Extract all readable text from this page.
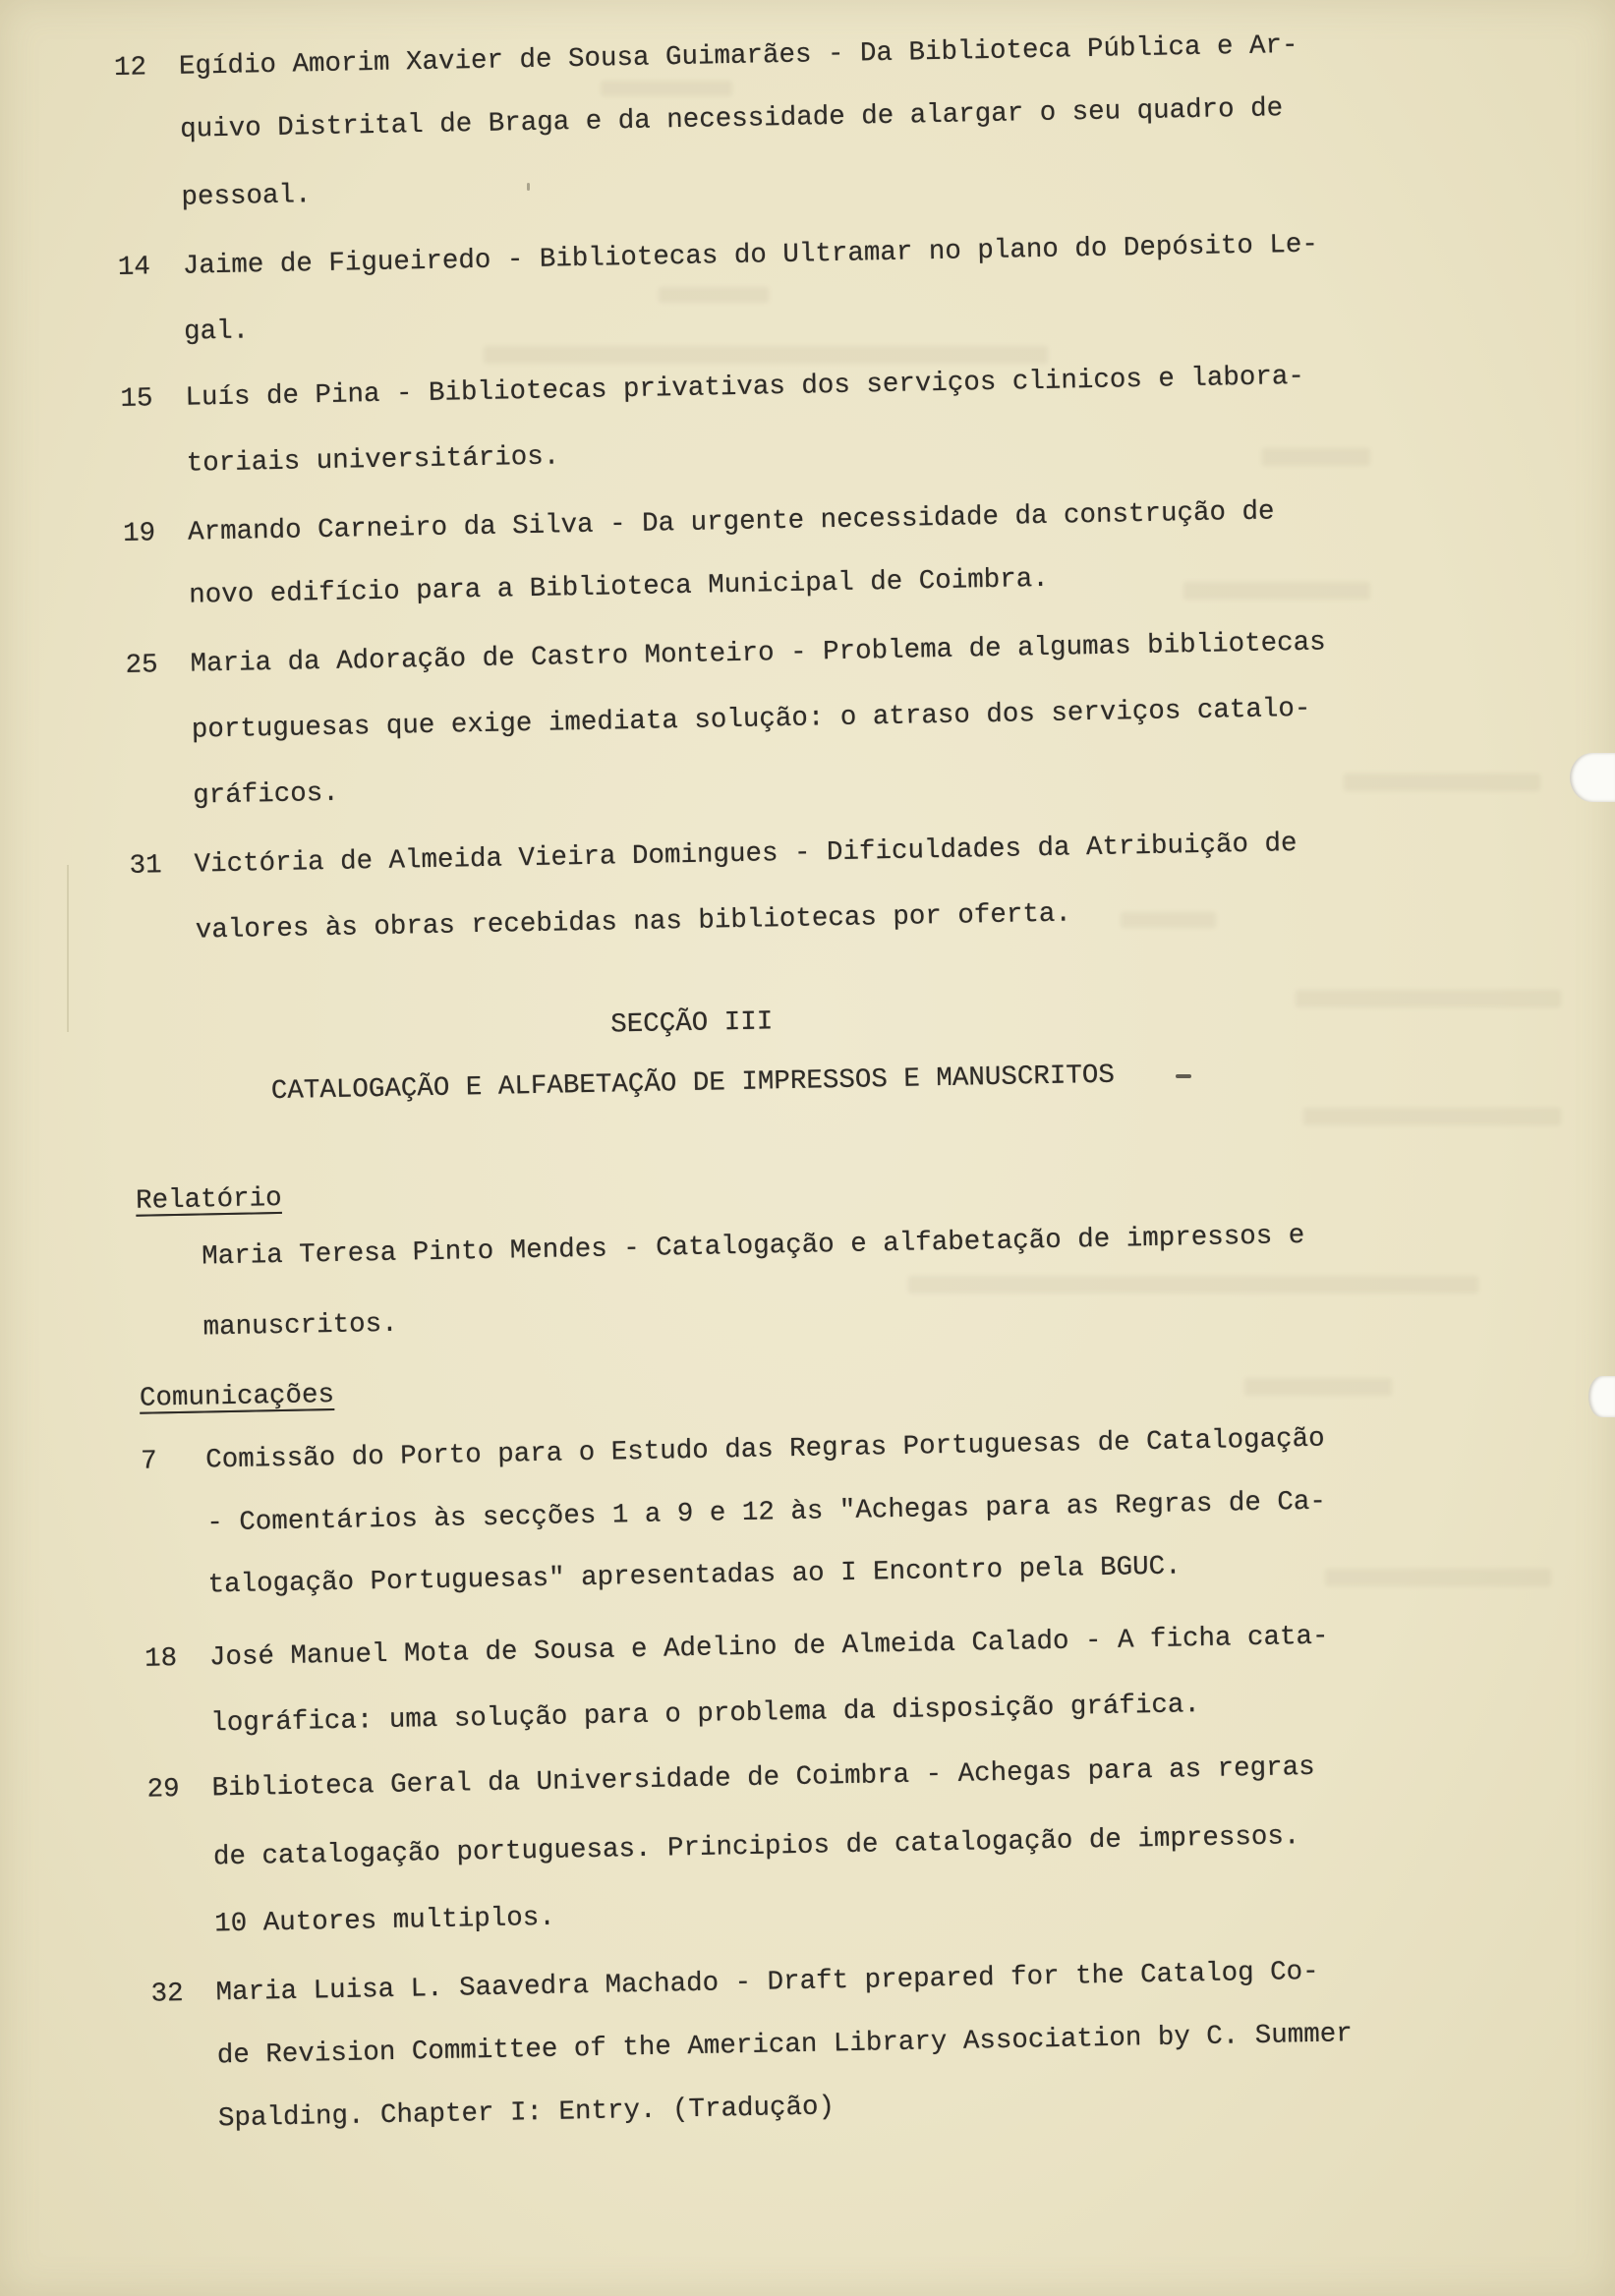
12 Egídio Amorim Xavier de Sousa Guimarães - Da Biblioteca Pública e Ar-
quivo Distrital de Braga e da necessidade de alargar o seu quadro de
pessoal.
14 Jaime de Figueiredo - Bibliotecas do Ultramar no plano do Depósito Le-
gal.
15 Luís de Pina - Bibliotecas privativas dos serviços clinicos e labora-
toriais universitários.
19 Armando Carneiro da Silva - Da urgente necessidade da construção de
novo edifício para a Biblioteca Municipal de Coimbra.
25 Maria da Adoração de Castro Monteiro - Problema de algumas bibliotecas
portuguesas que exige imediata solução: o atraso dos serviços catalo-
gráficos.
31 Victória de Almeida Vieira Domingues - Dificuldades da Atribuição de
valores às obras recebidas nas bibliotecas por oferta.
SECÇÃO III
CATALOGAÇÃO E ALFABETAÇÃO DE IMPRESSOS E MANUSCRITOS
Relatório
Maria Teresa Pinto Mendes - Catalogação e alfabetação de impressos e
manuscritos.
Comunicações
7 Comissão do Porto para o Estudo das Regras Portuguesas de Catalogação
- Comentários às secções 1 a 9 e 12 às "Achegas para as Regras de Ca-
talogação Portuguesas" apresentadas ao I Encontro pela BGUC.
18 José Manuel Mota de Sousa e Adelino de Almeida Calado - A ficha cata-
lográfica: uma solução para o problema da disposição gráfica.
29 Biblioteca Geral da Universidade de Coimbra - Achegas para as regras
de catalogação portuguesas. Principios de catalogação de impressos.
10 Autores multiplos.
32 Maria Luisa L. Saavedra Machado - Draft prepared for the Catalog Co-
de Revision Committee of the American Library Association by C. Summer
Spalding. Chapter I: Entry. (Tradução)
